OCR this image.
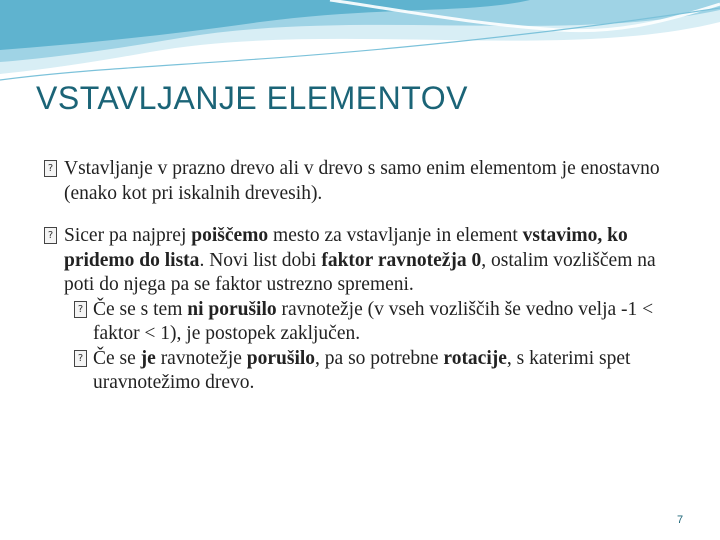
VSTAVLJANJE ELEMENTOV
? Vstavljanje v prazno drevo ali v drevo s samo enim elementom je enostavno (enako kot pri iskalnih drevesih).
? Sicer pa najprej poiščemo mesto za vstavljanje in element vstavimo, ko pridemo do lista. Novi list dobi faktor ravnotežja 0, ostalim vozliščem na poti do njega pa se faktor ustrezno spremeni.
? Če se s tem ni porušilo ravnotežje (v vseh vozliščih še vedno velja -1 < faktor < 1), je postopek zaključen.
? Če se je ravnotežje porušilo, pa so potrebne rotacije, s katerimi spet uravnotežimo drevo.
7
